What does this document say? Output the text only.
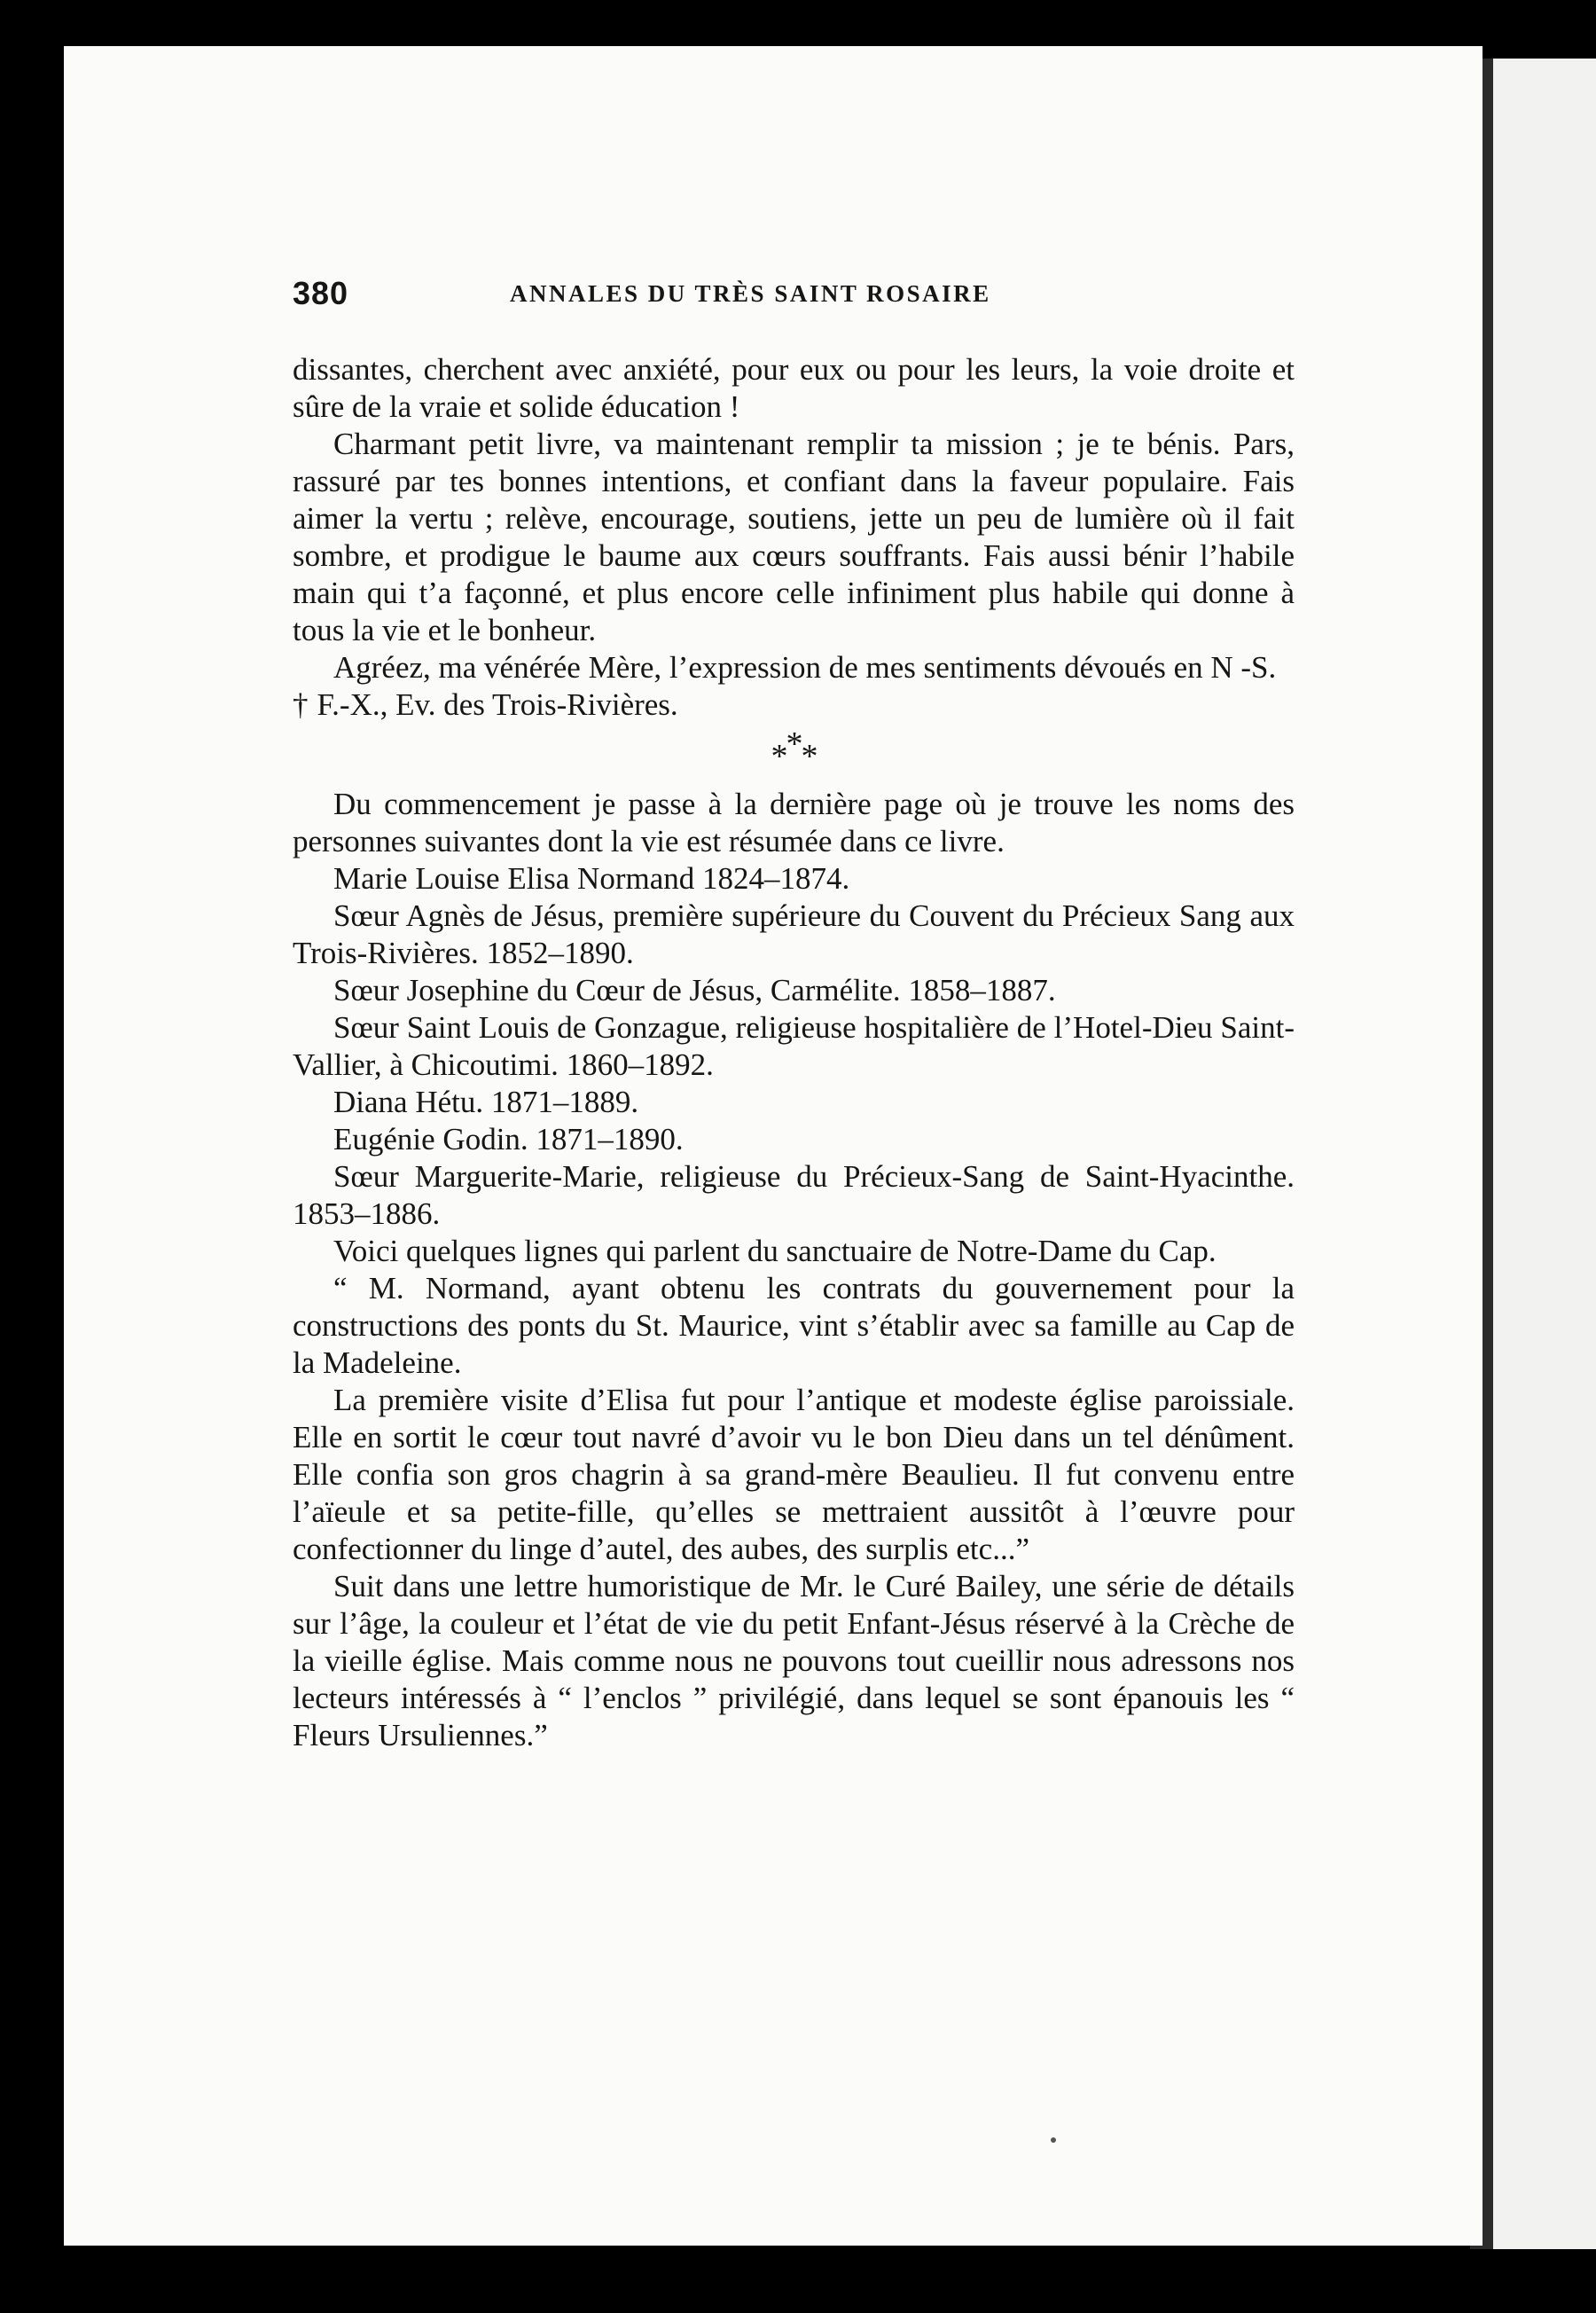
380	ANNALES DU TRÈS SAINT ROSAIRE

dissantes, cherchent avec anxiété, pour eux ou pour les leurs, la voie droite et sûre de la vraie et solide éducation !

Charmant petit livre, va maintenant remplir ta mission ; je te bénis. Pars, rassuré par tes bonnes intentions, et confiant dans la faveur populaire. Fais aimer la vertu ; relève, encourage, soutiens, jette un peu de lumière où il fait sombre, et prodigue le baume aux cœurs souffrants. Fais aussi bénir l’habile main qui t’a façonné, et plus encore celle infiniment plus habile qui donne à tous la vie et le bonheur.

Agréez, ma vénérée Mère, l’expression de mes sentiments dévoués en N -S.

† F.-X., Ev. des Trois-Rivières.

***

Du commencement je passe à la dernière page où je trouve les noms des personnes suivantes dont la vie est résumée dans ce livre.

Marie Louise Elisa Normand 1824–1874.

Sœur Agnès de Jésus, première supérieure du Couvent du Précieux Sang aux Trois-Rivières. 1852–1890.

Sœur Josephine du Cœur de Jésus, Carmélite. 1858–1887.

Sœur Saint Louis de Gonzague, religieuse hospitalière de l’Hotel-Dieu Saint-Vallier, à Chicoutimi. 1860–1892.

Diana Hétu. 1871–1889.

Eugénie Godin. 1871–1890.

Sœur Marguerite-Marie, religieuse du Précieux-Sang de Saint-Hyacinthe. 1853–1886.

Voici quelques lignes qui parlent du sanctuaire de Notre-Dame du Cap.

“ M. Normand, ayant obtenu les contrats du gouvernement pour la constructions des ponts du St. Maurice, vint s’établir avec sa famille au Cap de la Madeleine.

La première visite d’Elisa fut pour l’antique et modeste église paroissiale. Elle en sortit le cœur tout navré d’avoir vu le bon Dieu dans un tel dénûment. Elle confia son gros chagrin à sa grand-mère Beaulieu. Il fut convenu entre l’aïeule et sa petite-fille, qu’elles se mettraient aussitôt à l’œuvre pour confectionner du linge d’autel, des aubes, des surplis etc...”

Suit dans une lettre humoristique de Mr. le Curé Bailey, une série de détails sur l’âge, la couleur et l’état de vie du petit Enfant-Jésus réservé à la Crèche de la vieille église. Mais comme nous ne pouvons tout cueillir nous adressons nos lecteurs intéressés à “ l’enclos ” privilégié, dans lequel se sont épanouis les “ Fleurs Ursuliennes.”
